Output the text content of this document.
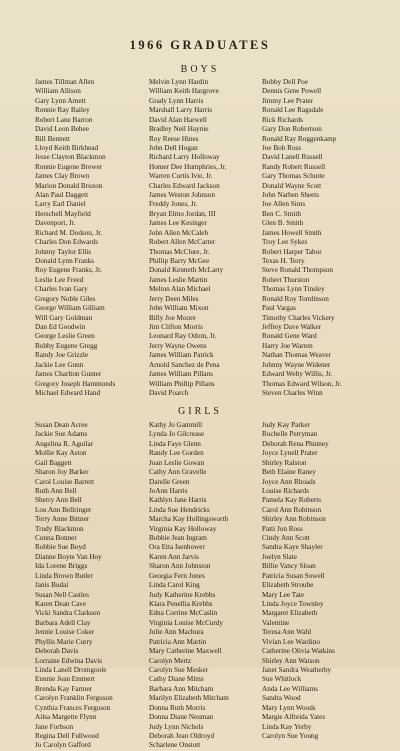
1966 GRADUATES
BOYS
James Tillman Allen
William Allison
Gary Lynn Arnett
Ronnie Ray Bailey
Robert Lane Barron
David Leon Behee
Bill Bennett
Lloyd Keith Birkhead
Jesse Clayton Blackmon
Ronnie Eugene Brewer
James Clay Brown
Marion Donald Bruxon
Alan Paul Daggett
Larry Earl Daniel
Herschell Mayfield
Davenport, Jr.
Richard M. Dodson, Jr.
Charles Don Edwards
Johnny Taylor Ellis
Donald Lynn Franks
Roy Eugene Franks, Jr.
Leslie Lee Freed
Charles Ivan Gary
Gregory Noble Giles
George William Gilliam
Will Gary Goldman
Dan Ed Goodwin
George Leslie Green
Bobby Eugene Gregg
Randy Joe Grizzle
Jackie Lee Gunn
James Charlton Gunter
Gregory Joseph Hammonds
Michael Edward Hand
Melvin Lynn Hardin
William Keith Hargrove
Grady Lynn Harris
Marshall Larry Harris
David Alan Harwell
Bradley Neil Haynie
Roy Reese Hines
John Dell Hogan
Richard Larry Holloway
Homer Dee Humphries, Jr.
Warren Curtis Ivie, Jr.
Charles Edward Jackson
James Weston Johnson
Freddy Jones, Jr.
Bryan Elmo Jordan, III
James Lee Kesinger
John Allen McCaleb
Robert Allen McCarter
Thomas McClure, Jr.
Phillip Barry McGee
Donald Kenneth McLarty
James Leslie Martin
Melton Alan Michael
Jerry Deen Miles
John William Mixon
Billy Joe Moore
Jim Clifton Morris
Leonard Ray Odom, Jr.
Jerry Wayne Owens
James William Patrick
Arnold Sanchez de Pena
James William Pillans
William Phillip Pillans
David Poarch
Bobby Dell Poe
Dennis Gene Powell
Jimmy Lee Prater
Ronald Lee Ragsdale
Rick Richards
Gary Don Robertson
Ronald Ray Roggenkamp
Joe Bob Ross
David Lanell Russell
Randy Robert Russell
Gary Thomas Schutte
Donald Wayne Scott
John Narben Sheets
Joe Allen Sims
Ben C. Smith
Glen B. Smith
James Howell Smith
Troy Lee Sykes
Robert Harper Tabor
Texas H. Terry
Steve Ronald Thompson
Robert Thurston
Thomas Lynn Tinsley
Ronald Roy Tomlinson
Paul Vargas
Timothy Charles Vickery
Jeffrey Dave Walker
Ronald Gene Ward
Harry Joe Warren
Nathan Thomas Weaver
Johnny Wayne Widener
Edward Welty Willis, Jr.
Thomas Edward Wilson, Jr.
Steven Charles Winn
GIRLS
Susan Dean Acree
Jackie Sue Adams
Angelina R. Aguilar
Mollie Kay Aston
Gail Baggett
Sharon Joy Barker
Carol Louise Barrett
Ruth Ann Bell
Sherry Ann Bell
Lou Ann Bellringer
Terry Anne Bittner
Trudy Blackmon
Conna Bonner
Robbie Sue Boyd
Dianne Boyte Van Hoy
Ida Lorene Briggs
Linda Brown Butler
Janis Budai
Susan Nell Castles
Karen Dean Cave
Vicki Sandra Clarkson
Barbara Adell Clay
Jennie Louise Coker
Phyllis Marie Curry
Deborah Davis
Lorraine Edwina Davis
Linda Lanell Dromgoole
Ennnie Jean Emmert
Brenda Kay Farmer
Carolyn Franklin Ferguson
Cynthia Frances Ferguson
Ailsa Margette Flynn
Jane Forbson
Regina Dell Fullwood
Jo Carolyn Gafford
Kathy Jo Gammill
Lynda Jo Gilcrease
Linda Faye Glenn
Randy Lee Gorden
Joan Leslie Gowan
Cathy Ann Gravelle
Darelle Green
JoAnn Harris
Kathlyn Jane Harris
Linda Sue Hendricks
Marcha Kay Hollingsworth
Virginia Kay Holloway
Bobbie Jean Ingram
Ora Etta Isenhower
Karen Ann Jarvis
Sharon Ann Johnston
Georgia Fern Jones
Linda Carol King
Judy Katherine Krebbs
Klara Penellia Krebbs
Edna Corrine McCaslin
Virginia Louise McCurdy
Julie Ann Machura
Patricia Ann Martin
Mary Catherine Maxwell
Carolyn Mertz
Carolyn Sue Mesker
Cathy Diane Mims
Barbara Ann Mitcham
Marilyn Elizabeth Mitcham
Donna Ruth Morris
Donna Diane Neuman
Judy Lynn Nichols
Deborah Jean Oldroyd
Scharlene Onstott
Judy Kay Parker
Rochelle Perryman
Deborah Rena Phinney
Joyce Lynell Prater
Shirley Ralston
Beth Elaine Raney
Joyce Ann Rhoads
Louise Richards
Pamela Kay Roberts
Carol Ann Robinson
Shirley Ann Robinson
Patti Jon Ross
Cindy Ann Scott
Sandra Kaye Shayler
Joelyn Slate
Billie Vancy Sloan
Patricia Susan Sowell
Elizabeth Stroube
Mary Lee Tate
Linda Joyce Townley
Margaret Elizabeth
Valentine
Teresa Ann Wahl
Vivian Lee Wardino
Catherine Olivia Watkins
Shirley Ann Watson
Janet Sandra Weatherby
Sue Whitlock
Anda Lee Williams
Sandra Wood
Mary Lynn Woods
Margie Alfreida Yates
Linda Kay Yerby
Carolyn Sue Young
